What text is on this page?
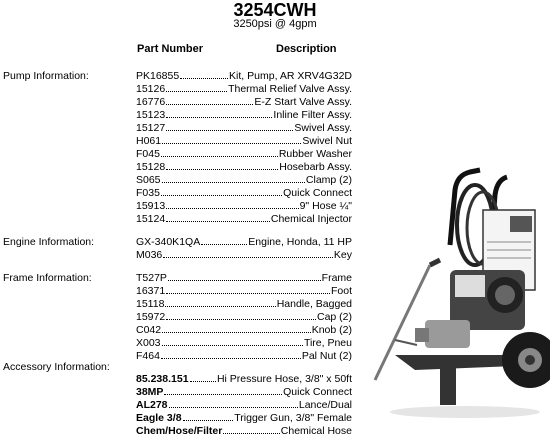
3254CWH
3250psi @ 4gpm
Part Number	Description
Pump Information:	PK16855	Kit, Pump, AR XRV4G32D
15126	Thermal Relief Valve Assy.
16776	E-Z Start Valve Assy.
15123	Inline Filter Assy.
15127	Swivel Assy.
H061	Swivel Nut
F045	Rubber Washer
15128	Hosebarb Assy.
S065	Clamp (2)
F035	Quick Connect
15913	9" Hose ¼"
15124	Chemical Injector
Engine Information:	GX-340K1QA	Engine, Honda, 11 HP
M036	Key
Frame Information:	T527P	Frame
16371	Foot
15118	Handle, Bagged
15972	Cap (2)
C042	Knob (2)
X003	Tire, Pneu
F464	Pal Nut (2)
Accessory Information:
85.238.151	Hi Pressure Hose, 3/8" x 50ft
38MP	Quick Connect
AL278	Lance/Dual
Eagle 3/8	Trigger Gun, 3/8" Female
Chem/Hose/Filter	Chemical Hose
